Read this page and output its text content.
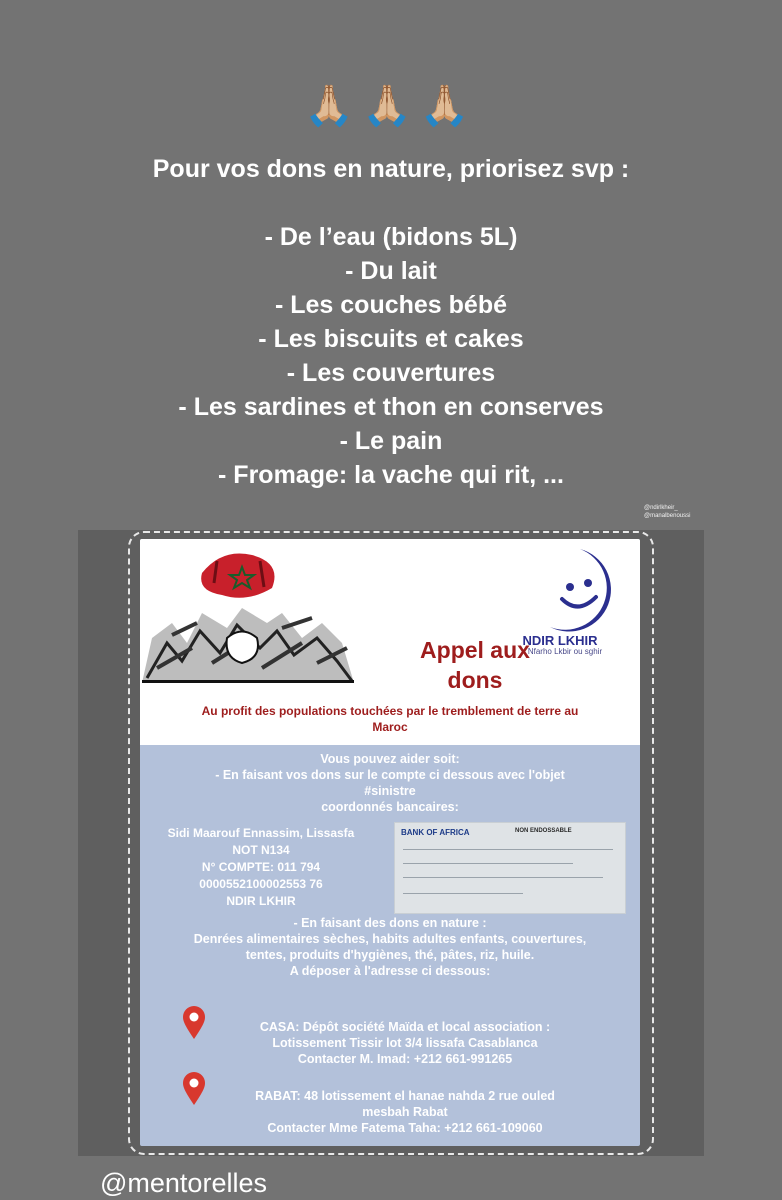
🙏🏼🙏🏼🙏🏼
Pour vos dons en nature, priorisez svp :
- De l’eau (bidons 5L)
- Du lait
- Les couches bébé
- Les biscuits et cakes
- Les couvertures
- Les sardines et thon en conserves
- Le pain
- Fromage: la vache qui rit, ...
@ndirlkheir_
@manalbenoussi
NDIR LKHIR
Nfarho Lkbir ou sghir
Appel aux
dons
Au profit des populations touchées par le tremblement de terre au Maroc
Vous pouvez aider soit:
- En faisant vos dons sur le compte ci dessous avec l'objet #sinistre
coordonnés bancaires:
Sidi Maarouf Ennassim, Lissasfa
NOT N134
N° COMPTE: 011 794
0000552100002553 76
NDIR LKHIR
BANK OF AFRICA	NON ENDOSSABLE
- En faisant des dons en nature :
Denrées alimentaires sèches, habits adultes enfants, couvertures, tentes, produits d'hygiènes, thé, pâtes, riz, huile.
A déposer à l'adresse ci dessous:
CASA: Dépôt société Maïda et local association :
Lotissement Tissir lot 3/4 lissafa Casablanca
Contacter M. Imad: +212 661-991265
RABAT: 48 lotissement el hanae nahda 2 rue ouled
mesbah Rabat
Contacter Mme Fatema Taha: +212 661-109060
@mentorelles
